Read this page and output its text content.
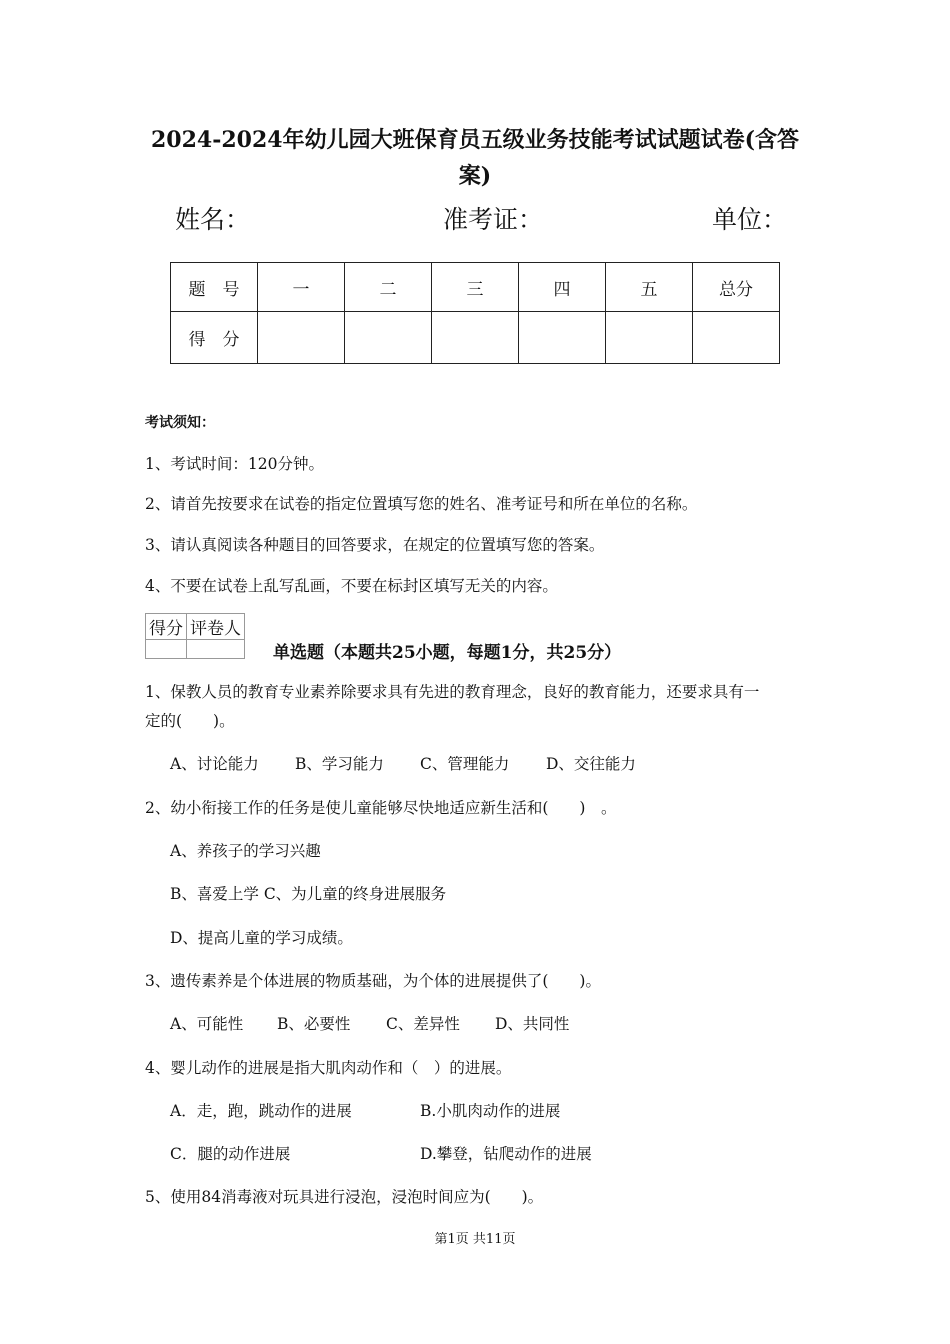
2024-2024年幼儿园大班保育员五级业务技能考试试题试卷(含答
案)
姓名：	准考证：	单位：
题　号	一	二	三	四	五	总分
得　分						
考试须知：
1、考试时间：120分钟。
2、请首先按要求在试卷的指定位置填写您的姓名、准考证号和所在单位的名称。
3、请认真阅读各种题目的回答要求，在规定的位置填写您的答案。
4、不要在试卷上乱写乱画，不要在标封区填写无关的内容。
得分	评卷人

单选题（本题共25小题，每题1分，共25分）
1、保教人员的教育专业素养除要求具有先进的教育理念，良好的教育能力，还要求具有一
定的(　　)。
A、讨论能力 B、学习能力 C、管理能力 D、交往能力
2、幼小衔接工作的任务是使儿童能够尽快地适应新生活和(　　)　。
A、养孩子的学习兴趣
B、喜爱上学 C、为儿童的终身进展服务
D、提高儿童的学习成绩。
3、遗传素养是个体进展的物质基础，为个体的进展提供了(　　)。
A、可能性 B、必要性 C、差异性 D、共同性
4、婴儿动作的进展是指大肌肉动作和（　）的进展。
A．走，跑，跳动作的进展	B.小肌肉动作的进展
C．腿的动作进展	D.攀登，钻爬动作的进展
5、使用84消毒液对玩具进行浸泡，浸泡时间应为(　　)。
第1页 共11页
